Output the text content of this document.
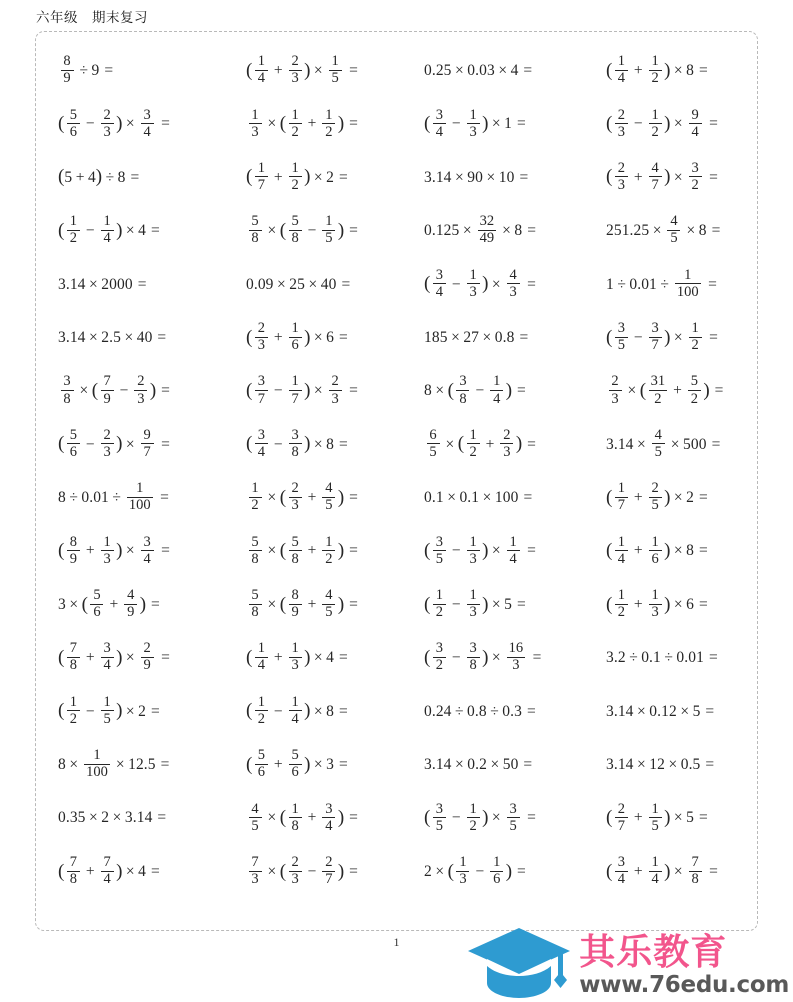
六年级　期末复习
$\frac{8}{9} \div 9$ =	( $\frac{1}{4} + \frac{2}{3}$ ) × $\frac{1}{5}$ =	0.25 × 0.03 × 4 =	( $\frac{1}{4} + \frac{1}{2}$ ) × 8 =
( $\frac{5}{6} - \frac{2}{3}$ ) × $\frac{3}{4}$ =	$\frac{1}{3}$ × ( $\frac{1}{2} + \frac{1}{2}$ ) =	( $\frac{3}{4} - \frac{1}{3}$ ) × 1 =	( $\frac{2}{3} - \frac{1}{2}$ ) × $\frac{9}{4}$ =
( 5 + 4 ) ÷ 8 =	( $\frac{1}{7} + \frac{1}{2}$ ) × 2 =	3.14 × 90 × 10 =	( $\frac{2}{3} + \frac{4}{7}$ ) × $\frac{3}{2}$ =
( $\frac{1}{2} - \frac{1}{4}$ ) × 4 =	$\frac{5}{8}$ × ( $\frac{5}{8} - \frac{1}{5}$ ) =	$0.125 \times \frac{32}{49} \times 8$ =	$251.25 \times \frac{4}{5} \times 8$ =
3.14 × 2000 =	0.09 × 25 × 40 =	( $\frac{3}{4} - \frac{1}{3}$ ) × $\frac{4}{3}$ =	$1 \div 0.01 \div \frac{1}{100}$ =
3.14 × 2.5 × 40 =	( $\frac{2}{3} + \frac{1}{6}$ ) × 6 =	185 × 27 × 0.8 =	( $\frac{3}{5} - \frac{3}{7}$ ) × $\frac{1}{2}$ =
$\frac{3}{8}$ × ( $\frac{7}{9} - \frac{2}{3}$ ) =	( $\frac{3}{7} - \frac{1}{7}$ ) × $\frac{2}{3}$ =	8 × ( $\frac{3}{8} - \frac{1}{4}$ ) =	$\frac{2}{3}$ × ( $\frac{31}{2} + \frac{5}{2}$ ) =
( $\frac{5}{6} - \frac{2}{3}$ ) × $\frac{9}{7}$ =	( $\frac{3}{4} - \frac{3}{8}$ ) × 8 =	$\frac{6}{5}$ × ( $\frac{1}{2} + \frac{2}{3}$ ) =	$3.14 \times \frac{4}{5} \times 500$ =
$8 \div 0.01 \div \frac{1}{100}$ =	$\frac{1}{2}$ × ( $\frac{2}{3} + \frac{4}{5}$ ) =	0.1 × 0.1 × 100 =	( $\frac{1}{7} + \frac{2}{5}$ ) × 2 =
( $\frac{8}{9} + \frac{1}{3}$ ) × $\frac{3}{4}$ =	$\frac{5}{8}$ × ( $\frac{5}{8} + \frac{1}{2}$ ) =	( $\frac{3}{5} - \frac{1}{3}$ ) × $\frac{1}{4}$ =	( $\frac{1}{4} + \frac{1}{6}$ ) × 8 =
3 × ( $\frac{5}{6} + \frac{4}{9}$ ) =	$\frac{5}{8}$ × ( $\frac{8}{9} + \frac{4}{5}$ ) =	( $\frac{1}{2} - \frac{1}{3}$ ) × 5 =	( $\frac{1}{2} + \frac{1}{3}$ ) × 6 =
( $\frac{7}{8} + \frac{3}{4}$ ) × $\frac{2}{9}$ =	( $\frac{1}{4} + \frac{1}{3}$ ) × 4 =	( $\frac{3}{2} - \frac{3}{8}$ ) × $\frac{16}{3}$ =	3.2 ÷ 0.1 ÷ 0.01 =
( $\frac{1}{2} - \frac{1}{5}$ ) × 2 =	( $\frac{1}{2} - \frac{1}{4}$ ) × 8 =	0.24 ÷ 0.8 ÷ 0.3 =	3.14 × 0.12 × 5 =
$8 \times \frac{1}{100} \times 12.5$ =	( $\frac{5}{6} + \frac{5}{6}$ ) × 3 =	3.14 × 0.2 × 50 =	3.14 × 12 × 0.5 =
0.35 × 2 × 3.14 =	$\frac{4}{5}$ × ( $\frac{1}{8} + \frac{3}{4}$ ) =	( $\frac{3}{5} - \frac{1}{2}$ ) × $\frac{3}{5}$ =	( $\frac{2}{7} + \frac{1}{5}$ ) × 5 =
( $\frac{7}{8} + \frac{7}{4}$ ) × 4 =	$\frac{7}{3}$ × ( $\frac{2}{3} - \frac{2}{7}$ ) =	2 × ( $\frac{1}{3} - \frac{1}{6}$ ) =	( $\frac{3}{4} + \frac{1}{4}$ ) × $\frac{7}{8}$ =
1	其乐教育
www.76edu.com
